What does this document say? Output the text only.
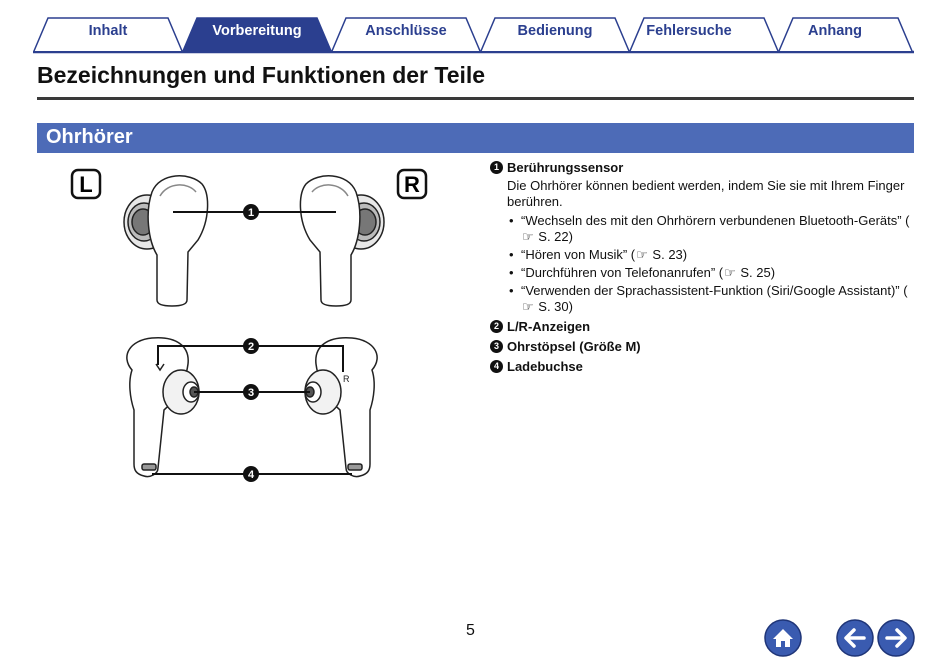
Inhalt	Vorbereitung	Anschlüsse	Bedienung	Fehlersuche	Anhang
Bezeichnungen und Funktionen der Teile
Ohrhörer
L	R
1
R
2
3
4
1 Berührungssensor

Die Ohrhörer können bedient werden, indem Sie sie mit Ihrem Finger berühren.

• “Wechseln des mit den Ohrhörern verbundenen Bluetooth-Geräts” (☞ S. 22)
• “Hören von Musik” (☞ S. 23)
• “Durchführen von Telefonanrufen” (☞ S. 25)
• “Verwenden der Sprachassistent-Funktion (Siri/Google Assistant)” (☞ S. 30)
2 L/R-Anzeigen
3 Ohrstöpsel (Größe M)
4 Ladebuchse
5
